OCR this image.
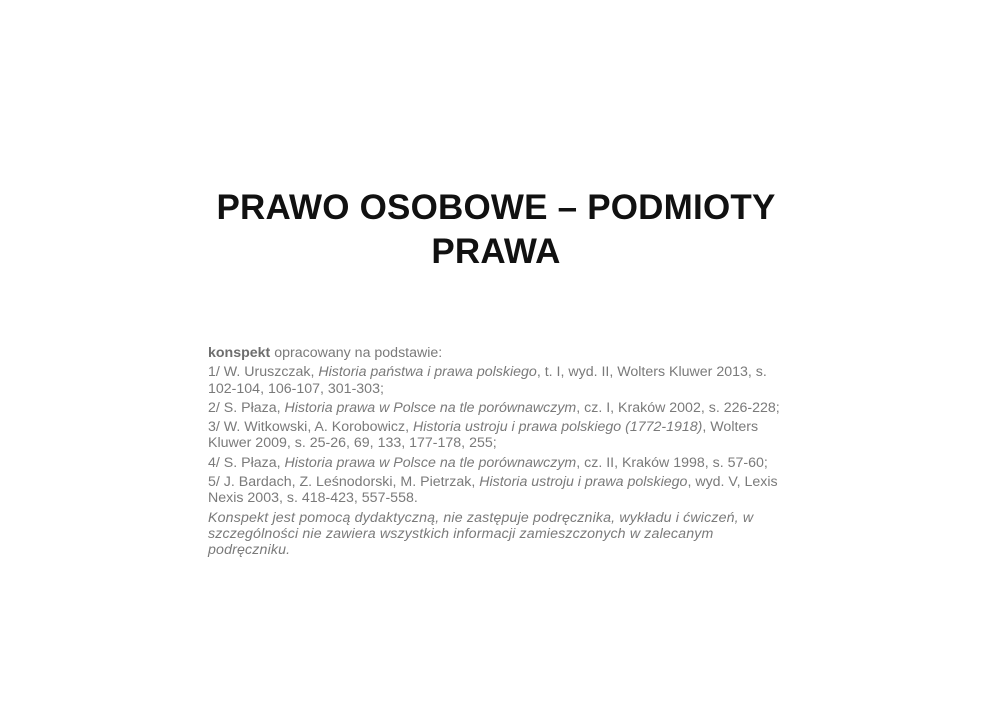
PRAWO OSOBOWE – PODMIOTY
PRAWA

konspekt opracowany na podstawie:

1/ W. Uruszczak, Historia państwa i prawa polskiego, t. I, wyd. II, Wolters Kluwer 2013, s. 102-104, 106-107, 301-303;

2/ S. Płaza, Historia prawa w Polsce na tle porównawczym, cz. I, Kraków 2002, s. 226-228;

3/ W. Witkowski, A. Korobowicz, Historia ustroju i prawa polskiego (1772-1918), Wolters Kluwer 2009, s. 25-26, 69, 133, 177-178, 255;

4/ S. Płaza, Historia prawa w Polsce na tle porównawczym, cz. II, Kraków 1998, s. 57-60;

5/ J. Bardach, Z. Leśnodorski, M. Pietrzak, Historia ustroju i prawa polskiego, wyd. V, Lexis Nexis 2003, s. 418-423, 557-558.

Konspekt jest pomocą dydaktyczną, nie zastępuje podręcznika, wykładu i ćwiczeń, w szczególności nie zawiera wszystkich informacji zamieszczonych w zalecanym podręczniku.
